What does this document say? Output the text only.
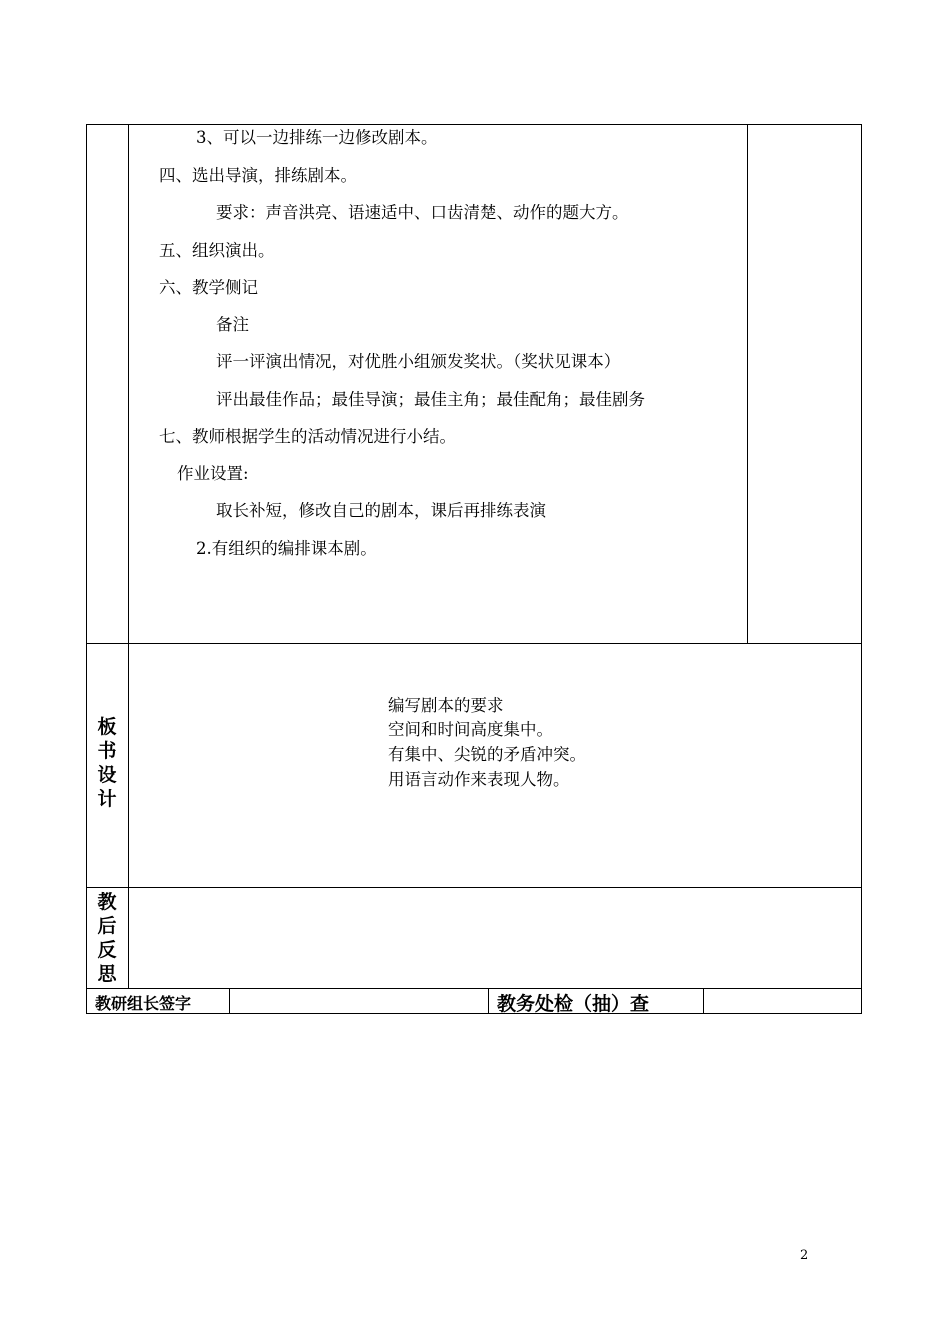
3、可以一边排练一边修改剧本。
四、选出导演，排练剧本。
要求：声音洪亮、语速适中、口齿清楚、动作的题大方。
五、组织演出。
六、教学侧记
备注
评一评演出情况，对优胜小组颁发奖状。（奖状见课本）
评出最佳作品；最佳导演；最佳主角；最佳配角；最佳剧务
七、教师根据学生的活动情况进行小结。
作业设置:
取长补短，修改自己的剧本，课后再排练表演
2.有组织的编排课本剧。
板
书
设
计
编写剧本的要求
空间和时间高度集中。
有集中、尖锐的矛盾冲突。
用语言动作来表现人物。
教
后
反
思
教研组长签字	教务处检（抽）查
2
